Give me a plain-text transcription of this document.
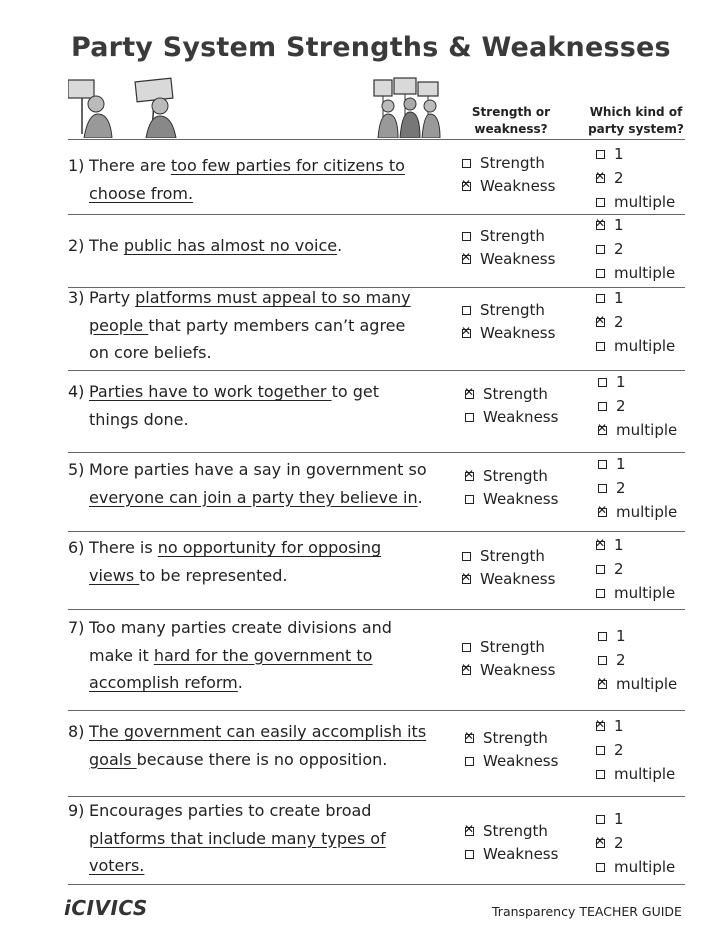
Party System Strengths & Weaknesses
Strength or
weakness?
Which kind of
party system?
1) There are too few parties for citizens to
choose from.
Strength
✕
Weakness
1
✕
2
multiple
2) The public has almost no voice.	Strength
✕
Weakness
✕
1
2
multiple
3) Party platforms must appeal to so many
people that party members can’t agree
on core beliefs.
Strength
✕
Weakness
1
✕
2
multiple
4) Parties have to work together to get
things done.
✕
Strength
Weakness
1
2
✕
multiple
5) More parties have a say in government so
everyone can join a party they believe in.
✕
Strength
Weakness
1
2
✕
multiple
6) There is no opportunity for opposing
views to be represented.
Strength
✕
Weakness
✕
1
2
multiple
7) Too many parties create divisions and
make it hard for the government to
accomplish reform.
Strength
✕
Weakness
1
2
✕
multiple
8) The government can easily accomplish its
goals because there is no opposition.
✕
Strength
Weakness
✕
1
2
multiple
9) Encourages parties to create broad
platforms that include many types of
voters.
✕
Strength
Weakness
1
✕
2
multiple
iCIVICS	Transparency TEACHER GUIDE
